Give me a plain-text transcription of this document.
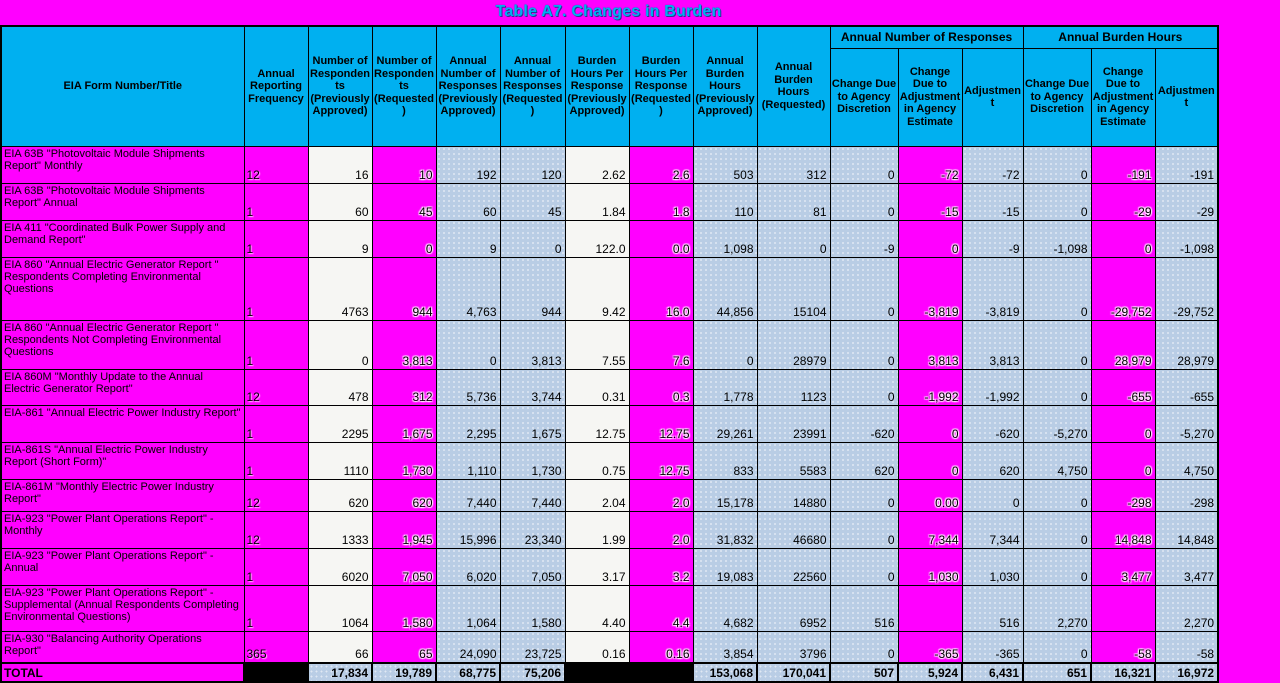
Table A7. Changes in Burden
EIA Form Number/Title	Annual Reporting Frequency	Number of Respondents (Previously Approved)	Number of Respondents (Requested)	Annual Number of Responses (Previously Approved)	Annual Number of Responses (Requested)	Burden Hours Per Response (Previously Approved)	Burden Hours Per Response (Requested)	Annual Burden Hours (Previously Approved)	Annual Burden Hours (Requested)	Annual Number of Responses			Annual Burden Hours		
										Change Due to Agency Discretion	Change Due to Adjustment in Agency Estimate	Adjustment	Change Due to Agency Discretion	Change Due to Adjustment in Agency Estimate	Adjustment
EIA 63B "Photovoltaic Module Shipments Report" Monthly	12	16	10	192	120	2.62	2.6	503	312	0	-72	-72	0	-191	-191
EIA 63B "Photovoltaic Module Shipments Report" Annual	1	60	45	60	45	1.84	1.8	110	81	0	-15	-15	0	-29	-29
EIA 411 "Coordinated Bulk Power Supply and Demand Report"	1	9	0	9	0	122.0	0.0	1,098	0	-9	0	-9	-1,098	0	-1,098
EIA 860 "Annual Electric Generator Report " Respondents Completing Environmental Questions	1	4763	944	4,763	944	9.42	16.0	44,856	15104	0	-3,819	-3,819	0	-29,752	-29,752
EIA 860 "Annual Electric Generator Report " Respondents Not Completing Environmental Questions	1	0	3,813	0	3,813	7.55	7.6	0	28979	0	3,813	3,813	0	28,979	28,979
EIA 860M "Monthly Update to the Annual Electric Generator Report"	12	478	312	5,736	3,744	0.31	0.3	1,778	1123	0	-1,992	-1,992	0	-655	-655
EIA-861 "Annual Electric Power Industry Report"	1	2295	1,675	2,295	1,675	12.75	12.75	29,261	23991	-620	0	-620	-5,270	0	-5,270
EIA-861S "Annual Electric Power Industry Report (Short Form)"	1	1110	1,730	1,110	1,730	0.75	12.75	833	5583	620	0	620	4,750	0	4,750
EIA-861M "Monthly Electric Power Industry Report"	12	620	620	7,440	7,440	2.04	2.0	15,178	14880	0	0.00	0	0	-298	-298
EIA-923 "Power Plant Operations Report" - Monthly	12	1333	1,945	15,996	23,340	1.99	2.0	31,832	46680	0	7,344	7,344	0	14,848	14,848
EIA-923 "Power Plant Operations Report" - Annual	1	6020	7,050	6,020	7,050	3.17	3.2	19,083	22560	0	1,030	1,030	0	3,477	3,477
EIA-923 "Power Plant Operations Report" - Supplemental (Annual Respondents Completing Environmental Questions)	1	1064	1,580	1,064	1,580	4.40	4.4	4,682	6952	516		516	2,270		2,270
EIA-930 "Balancing Authority Operations Report"	365	66	65	24,090	23,725	0.16	0.16	3,854	3796	0	-365	-365	0	-58	-58
TOTAL		17,834	19,789	68,775	75,206			153,068	170,041	507	5,924	6,431	651	16,321	16,972
